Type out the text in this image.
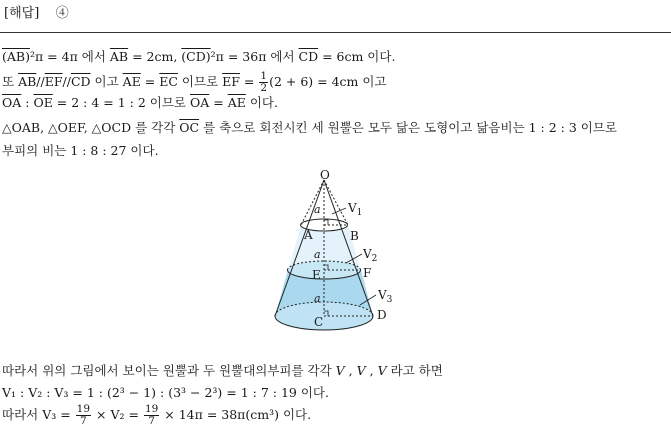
[해답] ④
(AB)²π = 4π 에서 $\overline{AB} = 2cm$, (CD)²π = 36π 에서 $\overline{CD} = 6cm$ 이다.
또 $\overline{AB}//\overline{EF}//\overline{CD}$ 이고 $\overline{AE} = \overline{EC}$ 이므로 $\overline{EF} = \frac{1}{2} (2 + 6) = 4cm$ 이고
$\overline{OA}$ : $\overline{OE} = 2$ : 4 = 1 : 2 이므로 $\overline{OA} = \overline{AE}$ 이다.
△OAB, △OEF, △OCD 를 각각 $\overline{OC}$ 를 축으로 회전시킨 세 원뿔은 모두 닮은 도형이고 닮음비는 1 : 2 : 3 이므로
부피의 비는 1 : 8 : 27 이다.
O
A	B
E	F
C	D
$V_1$
$V_2$
$V_3$
a
a
a
따라서 위의 그림에서 보이는 원뿔과 두 원뿔대의부피를 각각 V , V , V 라고 하면
V₁ : V₂ : V₃ = 1 : (2³ − 1) : (3³ − 2³) = 1 : 7 : 19 이다.
따라서 $V_3 = \frac{19}{7} \times V_2 = \frac{19}{7} \times 14\pi = 38\pi(cm^3)$ 이다.
